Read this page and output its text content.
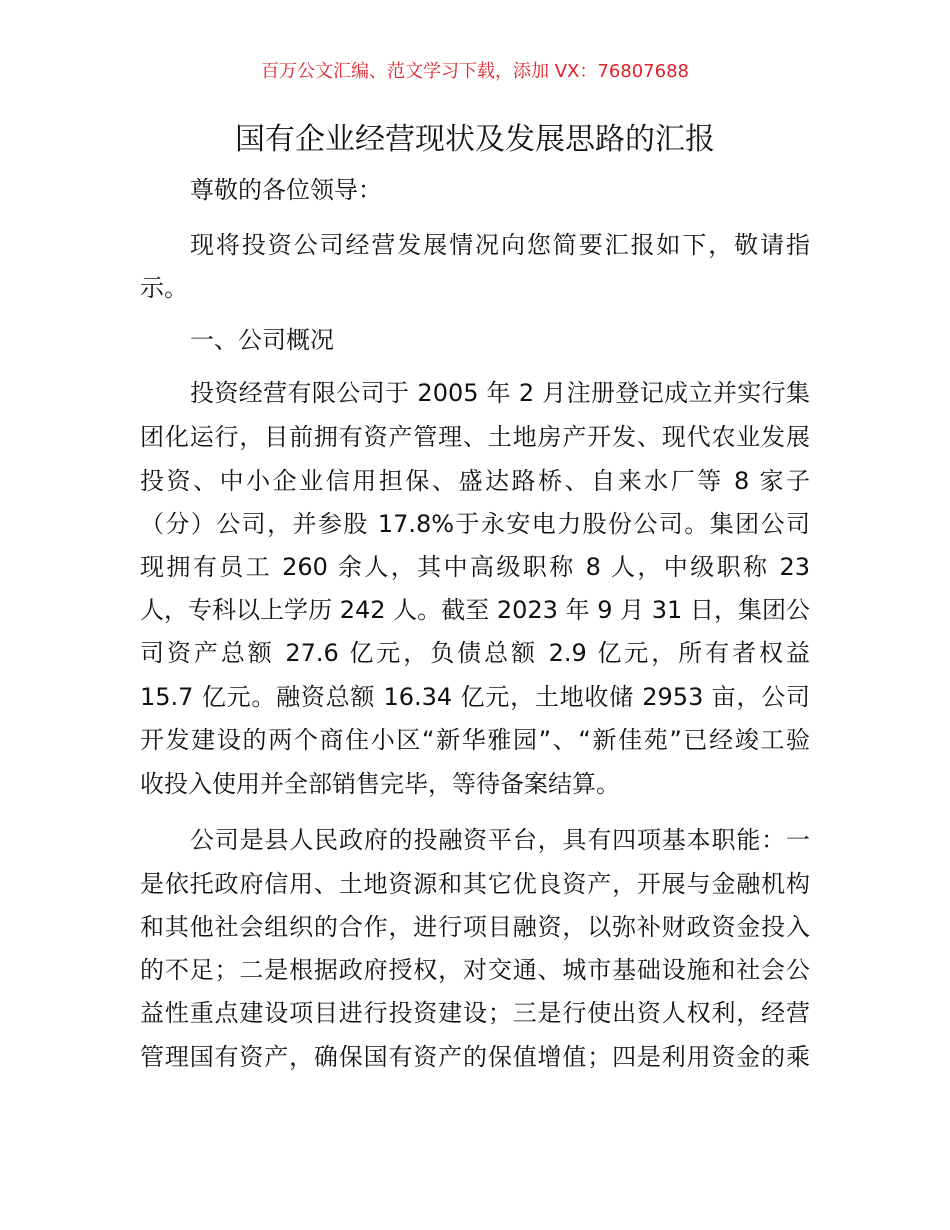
百万公文汇编、范文学习下载，添加 VX：76807688
国有企业经营现状及发展思路的汇报
尊敬的各位领导：
现将投资公司经营发展情况向您简要汇报如下，敬请指
示。
一、公司概况
投资经营有限公司于 2005 年 2 月注册登记成立并实行集
团化运行，目前拥有资产管理、土地房产开发、现代农业发展
投资、中小企业信用担保、盛达路桥、自来水厂等 8 家子
（分）公司，并参股 17.8%于永安电力股份公司。集团公司
现拥有员工 260 余人，其中高级职称 8 人，中级职称 23
人，专科以上学历 242 人。截至 2023 年 9 月 31 日，集团公
司资产总额 27.6 亿元，负债总额 2.9 亿元，所有者权益
15.7 亿元。融资总额 16.34 亿元，土地收储 2953 亩，公司
开发建设的两个商住小区“新华雅园”、“新佳苑”已经竣工验
收投入使用并全部销售完毕，等待备案结算。
公司是县人民政府的投融资平台，具有四项基本职能：一
是依托政府信用、土地资源和其它优良资产，开展与金融机构
和其他社会组织的合作，进行项目融资，以弥补财政资金投入
的不足；二是根据政府授权，对交通、城市基础设施和社会公
益性重点建设项目进行投资建设；三是行使出资人权利，经营
管理国有资产，确保国有资产的保值增值；四是利用资金的乘
